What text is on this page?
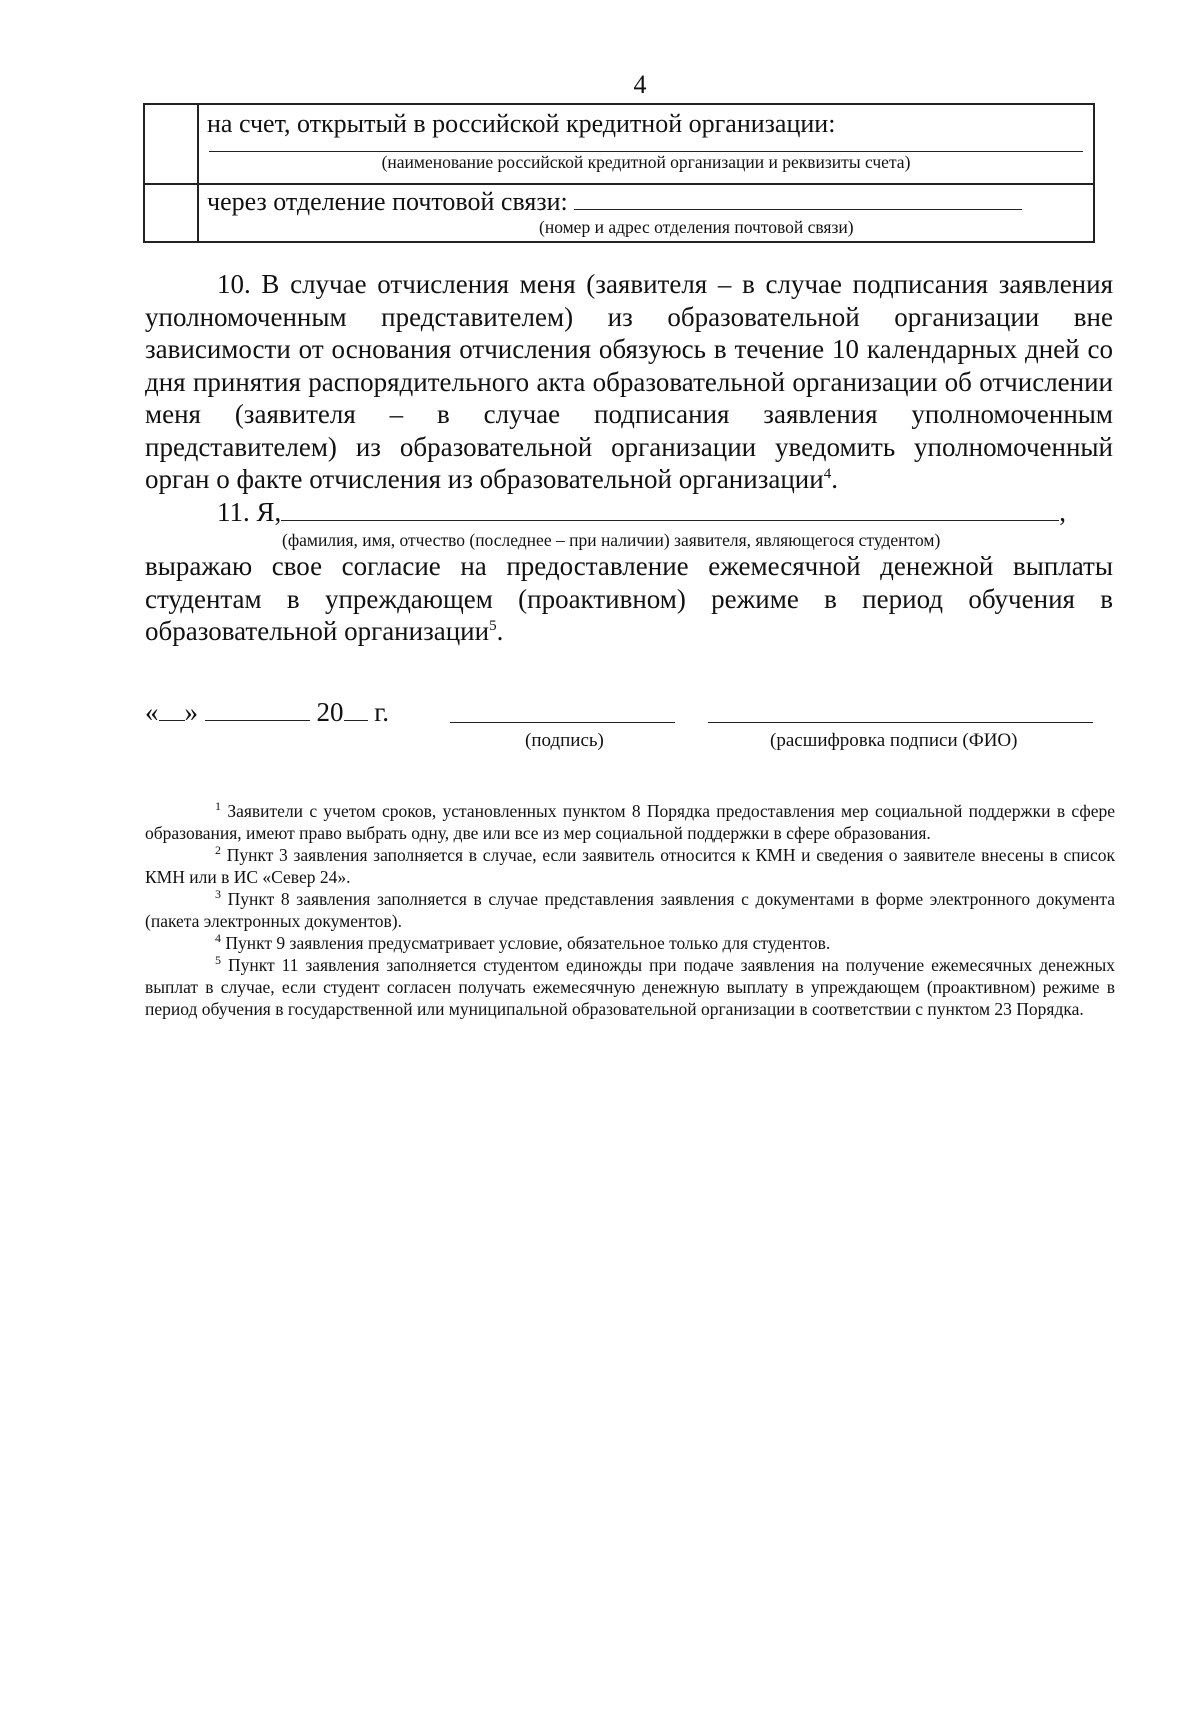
4

	на счет, открытый в российской кредитной организации:
(наименование российской кредитной организации и реквизиты счета)

	через отделение почтовой связи:
(номер и адрес отделения почтовой связи)

10. В случае отчисления меня (заявителя – в случае подписания заявления уполномоченным представителем) из образовательной организации вне зависимости от основания отчисления обязуюсь в течение 10 календарных дней со дня принятия распорядительного акта образовательной организации об отчислении меня (заявителя – в случае подписания заявления уполномоченным представителем) из образовательной организации уведомить уполномоченный орган о факте отчисления из образовательной организации$^4$.

11. Я,	,

(фамилия, имя, отчество (последнее – при наличии) заявителя, являющегося студентом)

выражаю свое согласие на предоставление ежемесячной денежной выплаты студентам в упреждающем (проактивном) режиме в период обучения в образовательной организации$^5$.

« »	20 г.
(подпись)	(расшифровка подписи (ФИО)

$^1$ Заявители с учетом сроков, установленных пунктом 8 Порядка предоставления мер социальной поддержки в сфере образования, имеют право выбрать одну, две или все из мер социальной поддержки в сфере образования.

$^2$ Пункт 3 заявления заполняется в случае, если заявитель относится к КМН и сведения о заявителе внесены в список КМН или в ИС «Север 24».

$^3$ Пункт 8 заявления заполняется в случае представления заявления с документами в форме электронного документа (пакета электронных документов).

$^4$ Пункт 9 заявления предусматривает условие, обязательное только для студентов.

$^5$ Пункт 11 заявления заполняется студентом единожды при подаче заявления на получение ежемесячных денежных выплат в случае, если студент согласен получать ежемесячную денежную выплату в упреждающем (проактивном) режиме в период обучения в государственной или муниципальной образовательной организации в соответствии с пунктом 23 Порядка.
